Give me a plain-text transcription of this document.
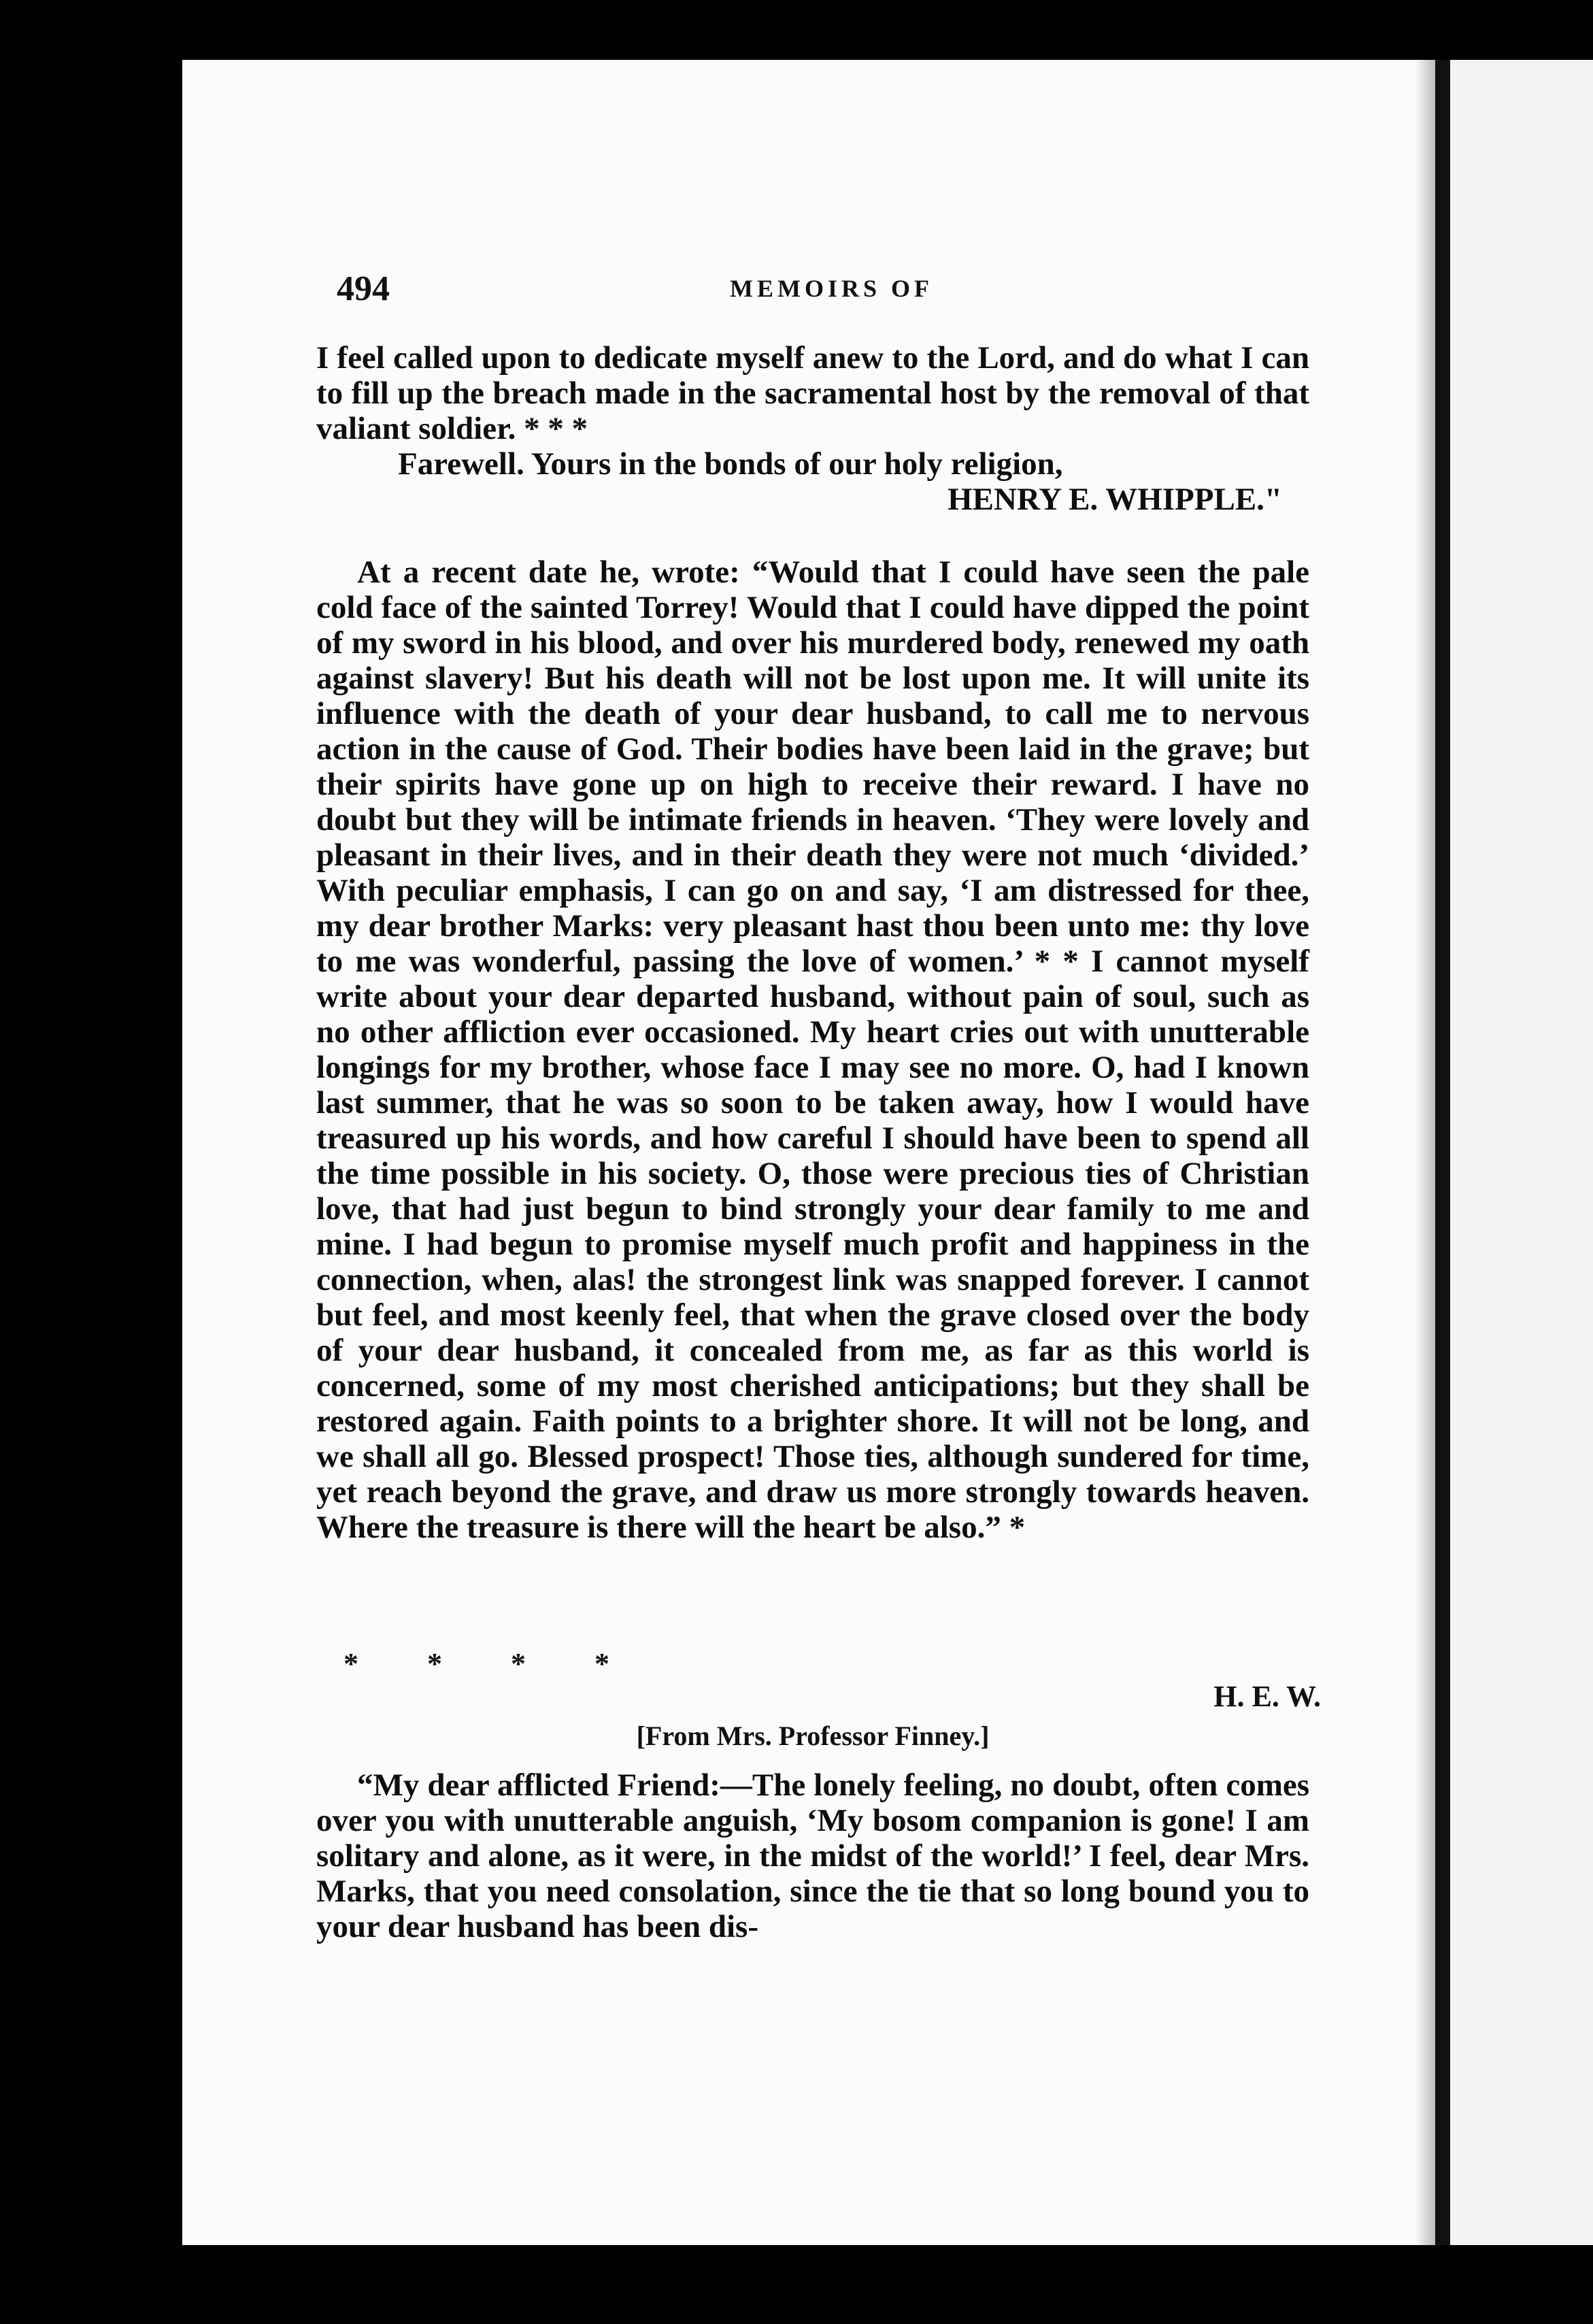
494	MEMOIRS OF

I feel called upon to dedicate myself anew to the Lord, and do what I can to fill up the breach made in the sacramental host by the removal of that valiant soldier. * * *

Farewell. Yours in the bonds of our holy religion,

HENRY E. WHIPPLE."

At a recent date he, wrote: “Would that I could have seen the pale cold face of the sainted Torrey! Would that I could have dipped the point of my sword in his blood, and over his murdered body, renewed my oath against slavery! But his death will not be lost upon me. It will unite its influence with the death of your dear husband, to call me to nervous action in the cause of God. Their bodies have been laid in the grave; but their spirits have gone up on high to receive their reward. I have no doubt but they will be intimate friends in heaven. ‘They were lovely and pleasant in their lives, and in their death they were not much ‘divided.’ With peculiar emphasis, I can go on and say, ‘I am distressed for thee, my dear brother Marks: very pleasant hast thou been unto me: thy love to me was wonderful, passing the love of women.’ * * I cannot myself write about your dear departed husband, without pain of soul, such as no other affliction ever occasioned. My heart cries out with unutterable longings for my brother, whose face I may see no more. O, had I known last summer, that he was so soon to be taken away, how I would have treasured up his words, and how careful I should have been to spend all the time possible in his society. O, those were precious ties of Christian love, that had just begun to bind strongly your dear family to me and mine. I had begun to promise myself much profit and happiness in the connection, when, alas! the strongest link was snapped forever. I cannot but feel, and most keenly feel, that when the grave closed over the body of your dear husband, it concealed from me, as far as this world is concerned, some of my most cherished anticipations; but they shall be restored again. Faith points to a brighter shore. It will not be long, and we shall all go. Blessed prospect! Those ties, although sundered for time, yet reach beyond the grave, and draw us more strongly towards heaven. Where the treasure is there will the heart be also.” *

* * * *
H. E. W.
[From Mrs. Professor Finney.]

“My dear afflicted Friend:—The lonely feeling, no doubt, often comes over you with unutterable anguish, ‘My bosom companion is gone! I am solitary and alone, as it were, in the midst of the world!’ I feel, dear Mrs. Marks, that you need consolation, since the tie that so long bound you to your dear husband has been dis-
